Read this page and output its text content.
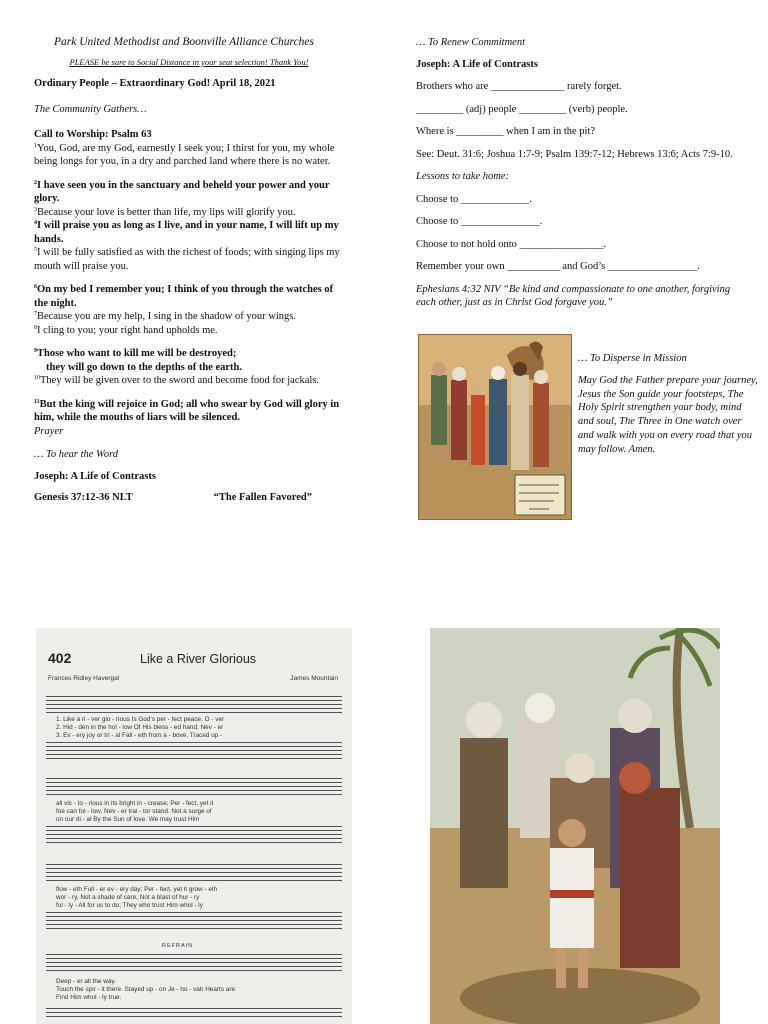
Park United Methodist and Boonville Alliance Churches

PLEASE be sure to Social Distance in your seat selection! Thank You!

Ordinary People – Extraordinary God! April 18, 2021

The Community Gathers…

Call to Worship: Psalm 63

$^1$You, God, are my God, earnestly I seek you; I thirst for you, my whole being longs for you, in a dry and parched land where there is no water.

$^2$I have seen you in the sanctuary and beheld your power and your glory.

$^3$Because your love is better than life, my lips will glorify you.

$^4$I will praise you as long as I live, and in your name, I will lift up my hands.

$^5$I will be fully satisfied as with the richest of foods; with singing lips my mouth will praise you.

$^6$On my bed I remember you; I think of you through the watches of the night.

$^7$Because you are my help, I sing in the shadow of your wings.

$^8$I cling to you; your right hand upholds me.

$^9$Those who want to kill me will be destroyed;

they will go down to the depths of the earth.

$^{10}$They will be given over to the sword and become food for jackals.

$^{11}$But the king will rejoice in God; all who swear by God will glory in him, while the mouths of liars will be silenced.

Prayer

… To hear the Word

Joseph: A Life of Contrasts

Genesis 37:12-36 NLT	“The Fallen Favored”

… To Renew Commitment

Joseph: A Life of Contrasts

Brothers who are ______________ rarely forget.

_________ (adj) people _________ (verb) people.

Where is _________ when I am in the pit?

See: Deut. 31:6; Joshua 1:7-9; Psalm 139:7-12; Hebrews 13:6; Acts 7:9-10.

Lessons to take home:

Choose to _____________.

Choose to _______________.

Choose to not hold onto ________________.

Remember your own __________ and God’s _________________.

Ephesians 4:32 NIV “Be kind and compassionate to one another, forgiving each other, just as in Christ God forgave you.”

… To Disperse in Mission

May God the Father prepare your journey, Jesus the Son guide your footsteps, The Holy Spirit strengthen your body, mind and soul, The Three in One watch over and walk with you on every road that you may follow. Amen.

402	Like a River Glorious
Frances Ridley Havergal	James Mountain
1. Like a ri - ver glo - rious Is God's per - fect peace, O - ver
2. Hid - den in the hol - low Of His bless - ed hand, Nev - er
3. Ev - ery joy or tri - al Fall - eth from a - bove, Traced up -
all vic - to - rious in its bright in - crease; Per - fect, yet it
foe can fol - low, Nev - er trai - tor stand. Not a surge of
on our di - al By the Sun of love. We may trust Him
flow - eth Full - er ev - ery day; Per - fect, yet it grow - eth
wor - ry, Not a shade of care, Not a blast of hur - ry
ful - ly - All for us to do; They who trust Him whol - ly
REFRAIN
Deep - er all the way.
Touch the spir - it there. Stayed up - on Je - ho - vah Hearts are
Find Him whol - ly true.
